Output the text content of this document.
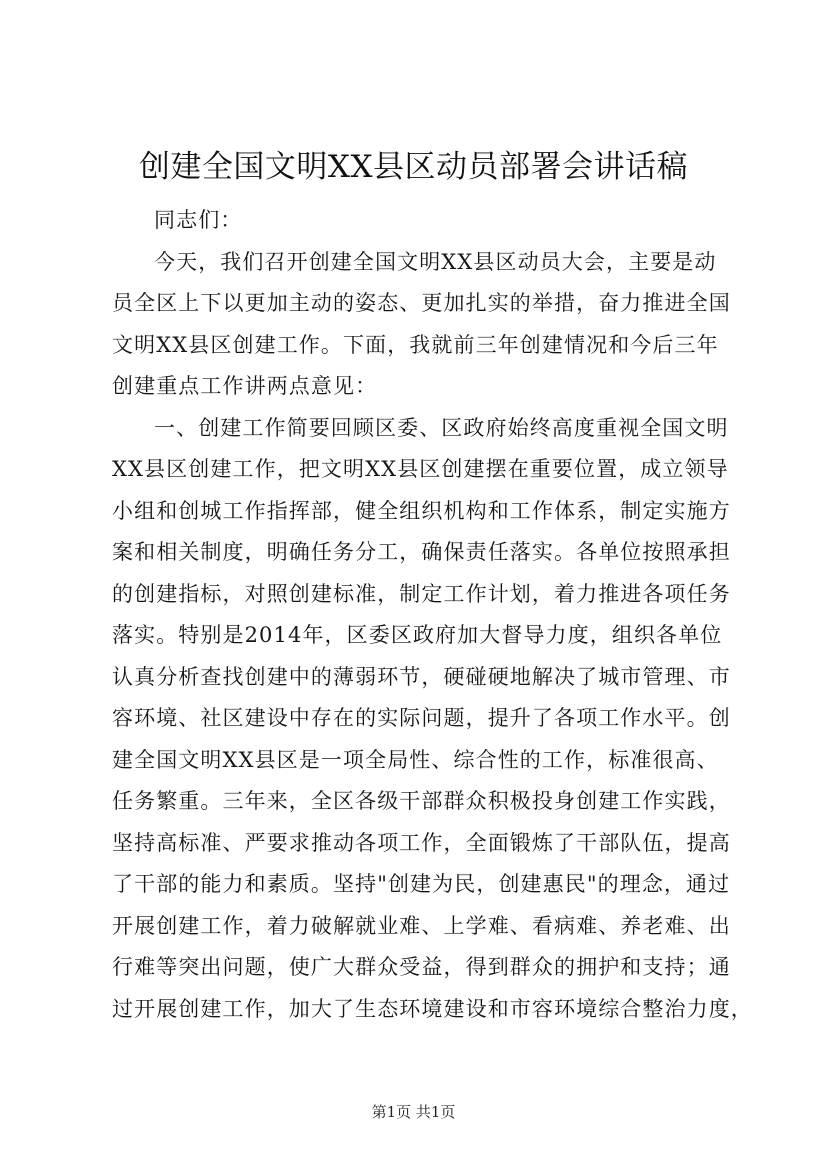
创建全国文明XX县区动员部署会讲话稿
同志们：
今天，我们召开创建全国文明XX县区动员大会，主要是动
员全区上下以更加主动的姿态、更加扎实的举措，奋力推进全国
文明XX县区创建工作。下面，我就前三年创建情况和今后三年
创建重点工作讲两点意见：
一、创建工作简要回顾区委、区政府始终高度重视全国文明
XX县区创建工作，把文明XX县区创建摆在重要位置，成立领导
小组和创城工作指挥部，健全组织机构和工作体系，制定实施方
案和相关制度，明确任务分工，确保责任落实。各单位按照承担
的创建指标，对照创建标准，制定工作计划，着力推进各项任务
落实。特别是2014年，区委区政府加大督导力度，组织各单位
认真分析查找创建中的薄弱环节，硬碰硬地解决了城市管理、市
容环境、社区建设中存在的实际问题，提升了各项工作水平。创
建全国文明XX县区是一项全局性、综合性的工作，标准很高、
任务繁重。三年来，全区各级干部群众积极投身创建工作实践，
坚持高标准、严要求推动各项工作，全面锻炼了干部队伍，提高
了干部的能力和素质。坚持"创建为民，创建惠民"的理念，通过
开展创建工作，着力破解就业难、上学难、看病难、养老难、出
行难等突出问题，使广大群众受益，得到群众的拥护和支持；通
过开展创建工作，加大了生态环境建设和市容环境综合整治力度，
第1页 共1页
